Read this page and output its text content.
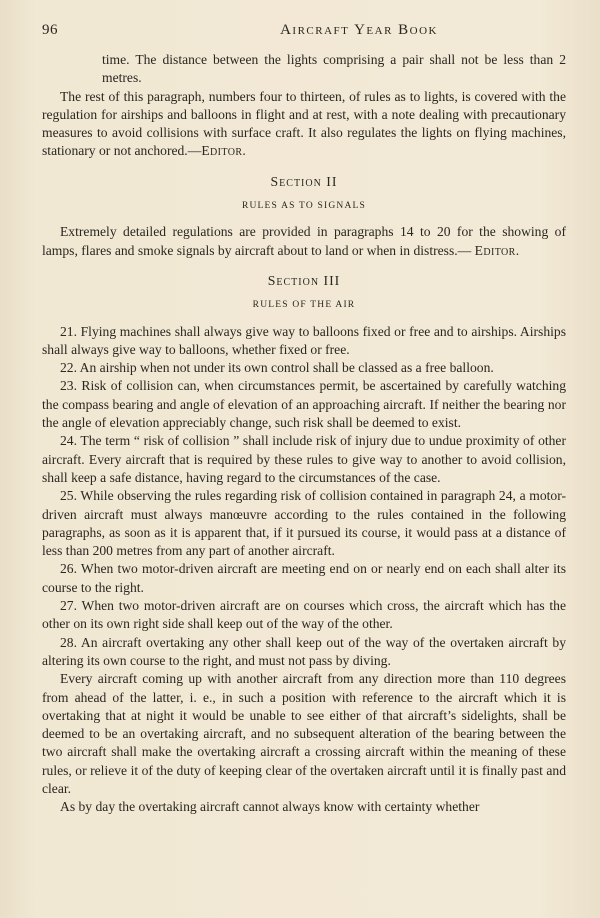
96	Aircraft Year Book

time. The distance between the lights comprising a pair shall not be less than 2 metres.

The rest of this paragraph, numbers four to thirteen, of rules as to lights, is covered with the regulation for airships and balloons in flight and at rest, with a note dealing with precautionary measures to avoid collisions with surface craft. It also regulates the lights on flying machines, stationary or not anchored.—Editor.

Section II
RULES AS TO SIGNALS

Extremely detailed regulations are provided in paragraphs 14 to 20 for the showing of lamps, flares and smoke signals by aircraft about to land or when in distress.— Editor.

Section III
RULES OF THE AIR

21. Flying machines shall always give way to balloons fixed or free and to airships. Airships shall always give way to balloons, whether fixed or free.

22. An airship when not under its own control shall be classed as a free balloon.

23. Risk of collision can, when circumstances permit, be ascertained by carefully watching the compass bearing and angle of elevation of an approaching aircraft. If neither the bearing nor the angle of elevation appreciably change, such risk shall be deemed to exist.

24. The term “ risk of collision ” shall include risk of injury due to undue proximity of other aircraft. Every aircraft that is required by these rules to give way to another to avoid collision, shall keep a safe distance, having regard to the circumstances of the case.

25. While observing the rules regarding risk of collision contained in paragraph 24, a motor-driven aircraft must always manœuvre according to the rules contained in the following paragraphs, as soon as it is apparent that, if it pursued its course, it would pass at a distance of less than 200 metres from any part of another aircraft.

26. When two motor-driven aircraft are meeting end on or nearly end on each shall alter its course to the right.

27. When two motor-driven aircraft are on courses which cross, the aircraft which has the other on its own right side shall keep out of the way of the other.

28. An aircraft overtaking any other shall keep out of the way of the overtaken aircraft by altering its own course to the right, and must not pass by diving.

Every aircraft coming up with another aircraft from any direction more than 110 degrees from ahead of the latter, i. e., in such a position with reference to the aircraft which it is overtaking that at night it would be unable to see either of that aircraft’s sidelights, shall be deemed to be an overtaking aircraft, and no subsequent alteration of the bearing between the two aircraft shall make the overtaking aircraft a crossing aircraft within the meaning of these rules, or relieve it of the duty of keeping clear of the overtaken aircraft until it is finally past and clear.

As by day the overtaking aircraft cannot always know with certainty whether
